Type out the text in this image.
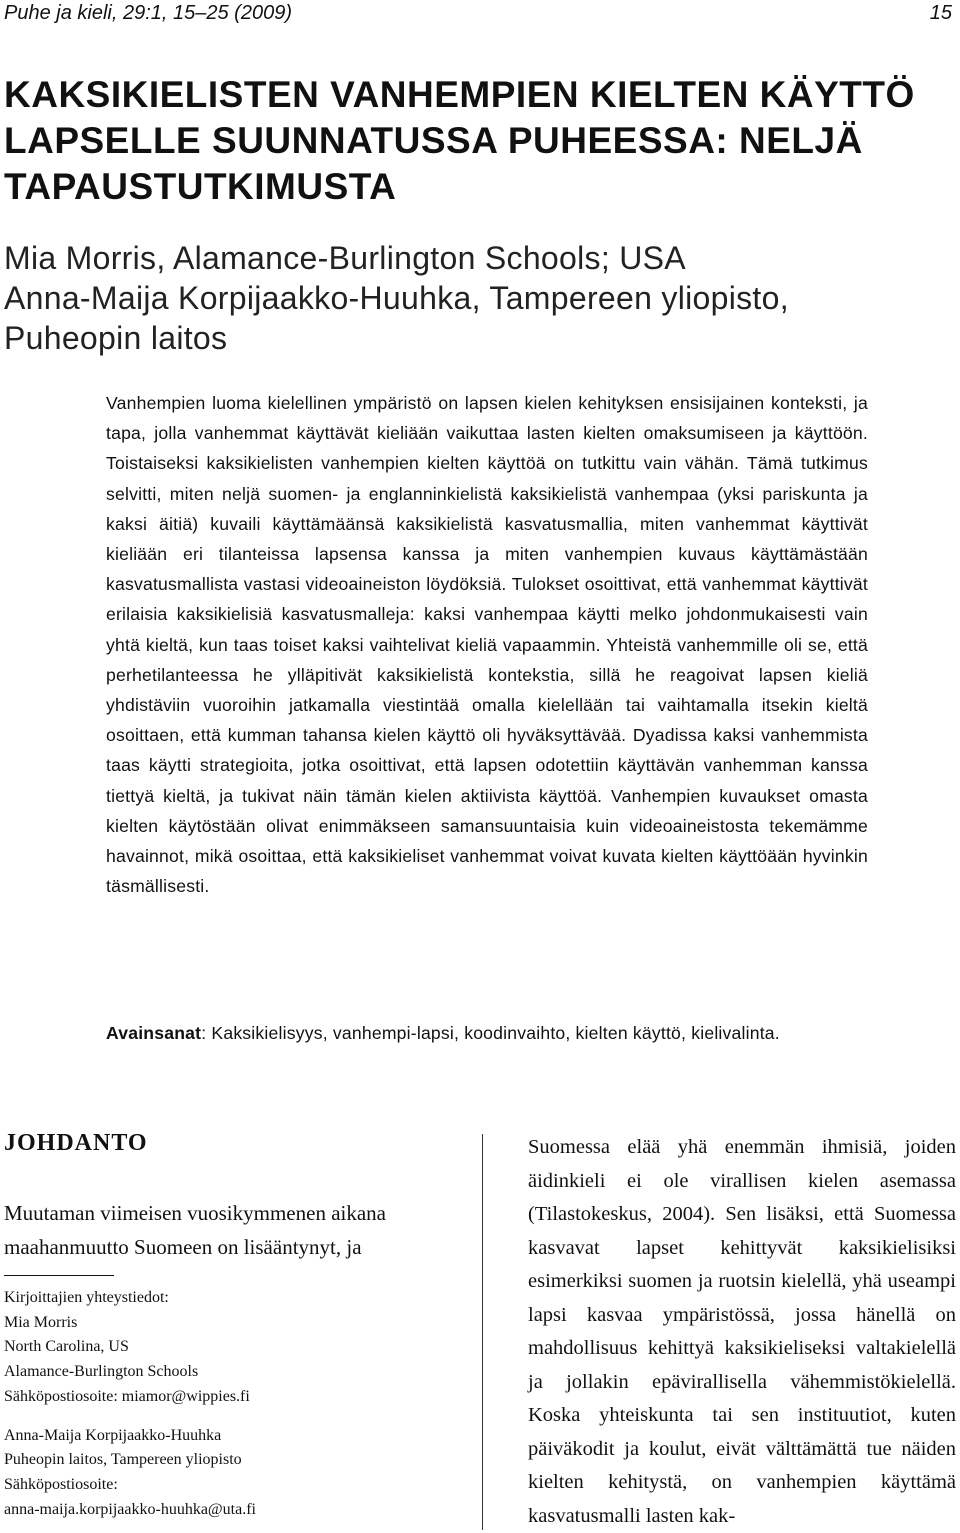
Puhe ja kieli, 29:1, 15–25 (2009)	15
KAKSIKIELISTEN VANHEMPIEN KIELTEN KÄYTTÖ LAPSELLE SUUNNATUSSA PUHEESSA: NELJÄ TAPAUSTUTKIMUSTA
Mia Morris, Alamance-Burlington Schools; USA
Anna-Maija Korpijaakko-Huuhka, Tampereen yliopisto,
Puheopin laitos

Vanhempien luoma kielellinen ympäristö on lapsen kielen kehityksen ensisijainen konteksti, ja tapa, jolla vanhemmat käyttävät kieliään vaikuttaa lasten kielten omaksumiseen ja käyttöön. Toistaiseksi kaksikielisten vanhempien kielten käyttöä on tutkittu vain vähän. Tämä tutkimus selvitti, miten neljä suomen- ja englanninkielistä kaksikielistä vanhempaa (yksi pariskunta ja kaksi äitiä) kuvaili käyttämäänsä kaksikielistä kasvatusmallia, miten vanhemmat käyttivät kieliään eri tilanteissa lapsensa kanssa ja miten vanhempien kuvaus käyttämästään kasvatusmallista vastasi videoaineiston löydöksiä. Tulokset osoittivat, että vanhemmat käyttivät erilaisia kaksikielisiä kasvatusmalleja: kaksi vanhempaa käytti melko johdonmukaisesti vain yhtä kieltä, kun taas toiset kaksi vaihtelivat kieliä vapaammin. Yhteistä vanhemmille oli se, että perhetilanteessa he ylläpitivät kaksikielistä kontekstia, sillä he reagoivat lapsen kieliä yhdistäviin vuoroihin jatkamalla viestintää omalla kielellään tai vaihtamalla itsekin kieltä osoittaen, että kumman tahansa kielen käyttö oli hyväksyttävää. Dyadissa kaksi vanhemmista taas käytti strategioita, jotka osoittivat, että lapsen odotettiin käyttävän vanhemman kanssa tiettyä kieltä, ja tukivat näin tämän kielen aktiivista käyttöä. Vanhempien kuvaukset omasta kielten käytöstään olivat enimmäkseen samansuuntaisia kuin videoaineistosta tekemämme havainnot, mikä osoittaa, että kaksikieliset vanhemmat voivat kuvata kielten käyttöään hyvinkin täsmällisesti.

Avainsanat: Kaksikielisyys, vanhempi-lapsi, koodinvaihto, kielten käyttö, kielivalinta.

JOHDANTO

Muutaman viimeisen vuosikymmenen aikana maahanmuutto Suomeen on lisääntynyt, ja

Kirjoittajien yhteystiedot:
Mia Morris
North Carolina, US
Alamance-Burlington Schools
Sähköpostiosoite: miamor@wippies.fi
Anna-Maija Korpijaakko-Huuhka
Puheopin laitos, Tampereen yliopisto
Sähköpostiosoite:
anna-maija.korpijaakko-huuhka@uta.fi

Suomessa elää yhä enemmän ihmisiä, joiden äidinkieli ei ole virallisen kielen asemassa (Tilastokeskus, 2004). Sen lisäksi, että Suomessa kasvavat lapset kehittyvät kaksikielisiksi esimerkiksi suomen ja ruotsin kielellä, yhä useampi lapsi kasvaa ympäristössä, jossa hänellä on mahdollisuus kehittyä kaksikieliseksi valtakielellä ja jollakin epävirallisella vähemmistökielellä. Koska yhteiskunta tai sen instituutiot, kuten päiväkodit ja koulut, eivät välttämättä tue näiden kielten kehitystä, on vanhempien käyttämä kasvatusmalli lasten kak-
